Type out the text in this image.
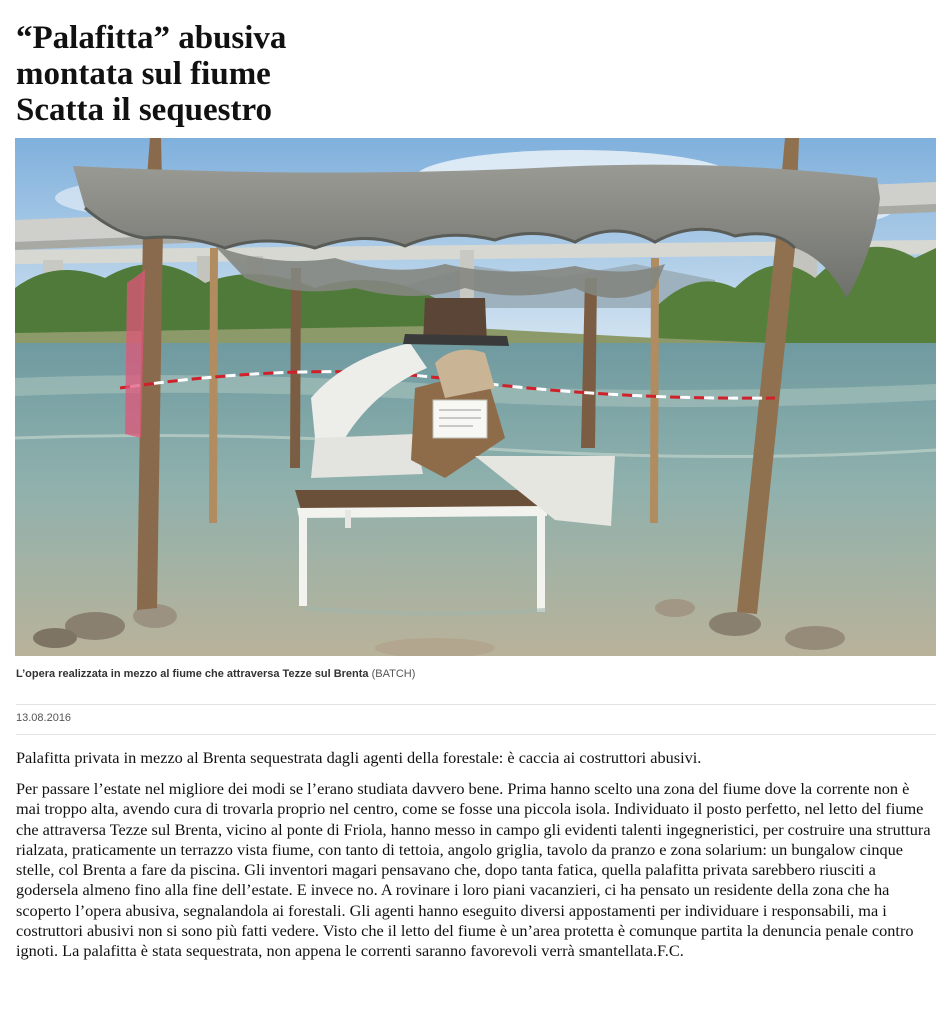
“Palafitta” abusiva
montata sul fiume
Scatta il sequestro
L’opera realizzata in mezzo al fiume che attraversa Tezze sul Brenta (BATCH)
13.08.2016

Palafitta privata in mezzo al Brenta sequestrata dagli agenti della forestale: è caccia ai costruttori abusivi.

Per passare l’estate nel migliore dei modi se l’erano studiata davvero bene. Prima hanno scelto una zona del fiume dove la corrente non è mai troppo alta, avendo cura di trovarla proprio nel centro, come se fosse una piccola isola. Individuato il posto perfetto, nel letto del fiume che attraversa Tezze sul Brenta, vicino al ponte di Friola, hanno messo in campo gli evidenti talenti ingegneristici, per costruire una struttura rialzata, praticamente un terrazzo vista fiume, con tanto di tettoia, angolo griglia, tavolo da pranzo e zona solarium: un bungalow cinque stelle, col Brenta a fare da piscina. Gli inventori magari pensavano che, dopo tanta fatica, quella palafitta privata sarebbero riusciti a godersela almeno fino alla fine dell’estate. E invece no. A rovinare i loro piani vacanzieri, ci ha pensato un residente della zona che ha scoperto l’opera abusiva, segnalandola ai forestali. Gli agenti hanno eseguito diversi appostamenti per individuare i responsabili, ma i costruttori abusivi non si sono più fatti vedere. Visto che il letto del fiume è un’area protetta è comunque partita la denuncia penale contro ignoti. La palafitta è stata sequestrata, non appena le correnti saranno favorevoli verrà smantellata.F.C.
